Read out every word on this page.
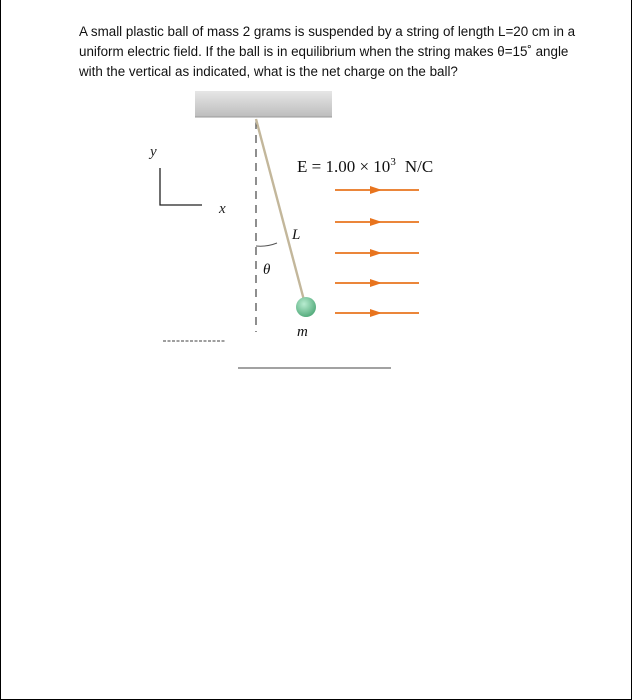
A small plastic ball of mass 2 grams is suspended by a string of length L=20 cm in a
uniform electric field. If the ball is in equilibrium when the string makes θ=15˚ angle
with the vertical as indicated, what is the net charge on the ball?
y
x
$E = 1.00 \times 10^3$ N/C
L
θ
m
